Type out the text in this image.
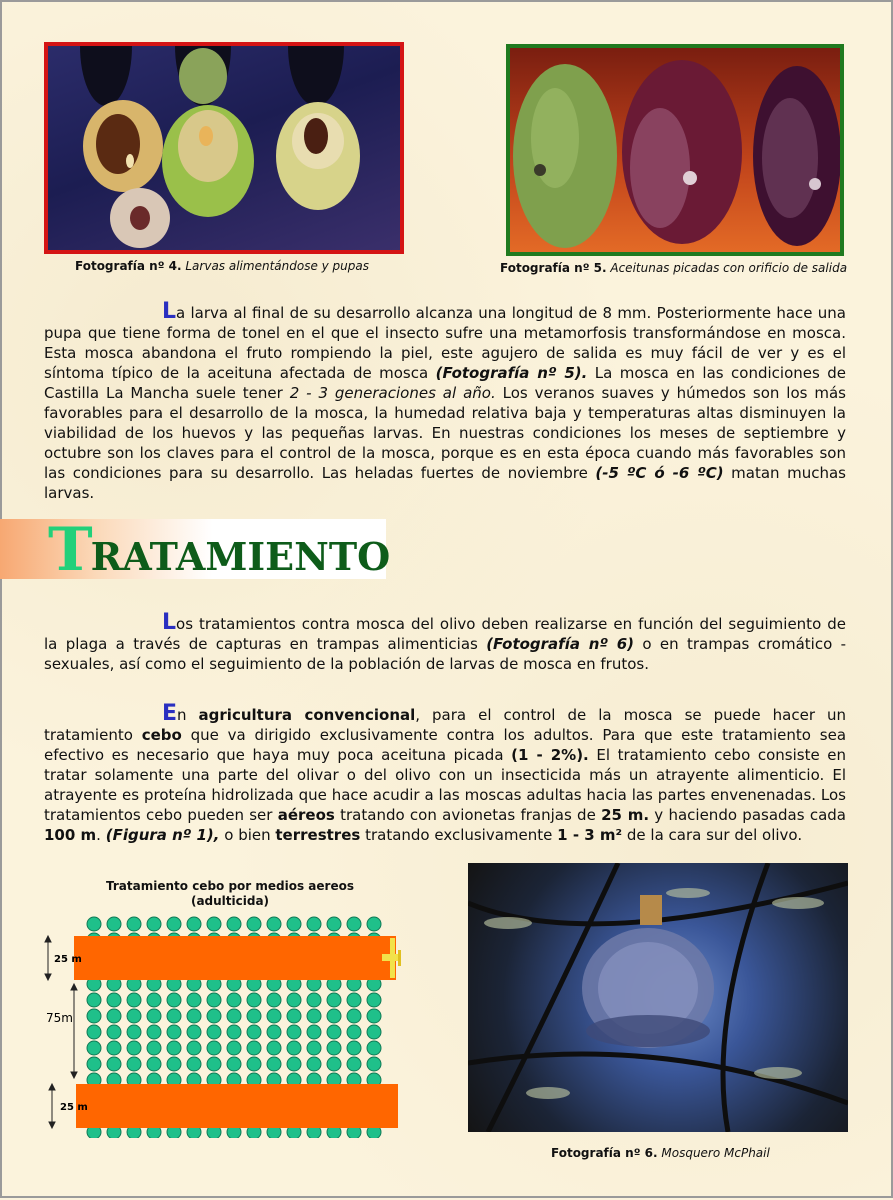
Fotografía nº 4. Larvas alimentándose y pupas	Fotografía nº 5. Aceitunas picadas con orificio de salida
La larva al final de su desarrollo alcanza una longitud de 8 mm. Posteriormente hace una pupa que tiene forma de tonel en el que el insecto sufre una metamorfosis transformándose en mosca. Esta mosca abandona el fruto rompiendo la piel, este agujero de salida es muy fácil de ver y es el síntoma típico de la aceituna afectada de mosca (Fotografía nº 5). La mosca en las condiciones de Castilla La Mancha suele tener 2 - 3 generaciones al año. Los veranos suaves y húmedos son los más favorables para el desarrollo de la mosca, la humedad relativa baja y temperaturas altas disminuyen la viabilidad de los huevos y las pequeñas larvas. En nuestras condiciones los meses de septiembre y octubre son los claves para el control de la mosca, porque es en esta época cuando más favorables son las condiciones para su desarrollo. Las heladas fuertes de noviembre (-5 ºC ó -6 ºC) matan muchas larvas.
TRATAMIENTO
Los tratamientos contra mosca del olivo deben realizarse en función del seguimiento de la plaga a través de capturas en trampas alimenticias (Fotografía nº 6) o en trampas cromático - sexuales, así como el seguimiento de la población de larvas de mosca en frutos.
En agricultura convencional, para el control de la mosca se puede hacer un tratamiento cebo que va dirigido exclusivamente contra los adultos. Para que este tratamiento sea efectivo es necesario que haya muy poca aceituna picada (1 - 2%). El tratamiento cebo consiste en tratar solamente una parte del olivar o del olivo con un insecticida más un atrayente alimenticio. El atrayente es proteína hidrolizada que hace acudir a las moscas adultas hacia las partes envenenadas. Los tratamientos cebo pueden ser aéreos tratando con avionetas franjas de 25 m. y haciendo pasadas cada 100 m. (Figura nº 1), o bien terrestres tratando exclusivamente 1 - 3 m² de la cara sur del olivo.
Tratamiento cebo por medios aereos
(adulticida)
25 m
75m
25 m
Fotografía nº 6. Mosquero McPhail
